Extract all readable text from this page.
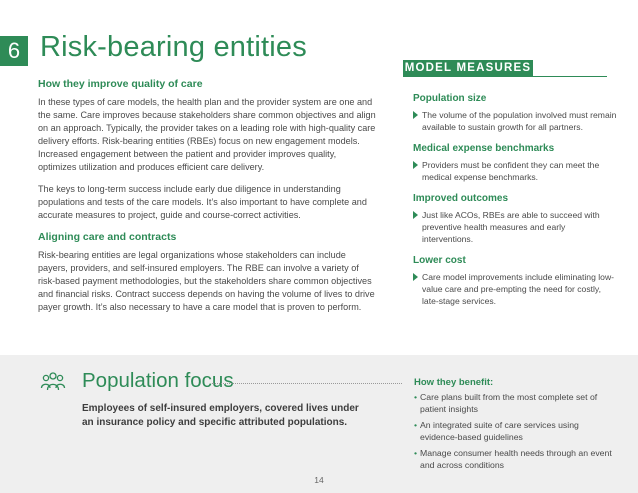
6 Risk-bearing entities
How they improve quality of care

In these types of care models, the health plan and the provider system are one and the same. Care improves because stakeholders share common objectives and align on an approach. Typically, the provider takes on a leading role with high-quality care delivery efforts. Risk-bearing entities (RBEs) focus on new engagement models. Increased engagement between the patient and provider improves quality, optimizes utilization and produces efficient care delivery.

The keys to long-term success include early due diligence in understanding populations and tests of the care models. It’s also important to have complete and accurate measures to project, guide and course-correct activities.

Aligning care and contracts

Risk-bearing entities are legal organizations whose stakeholders can include payers, providers, and self-insured employers. The RBE can involve a variety of risk-based payment methodologies, but the stakeholders share common objectives and financial risks. Contract success depends on having the volume of lives to drive payer growth. It’s also necessary to have a care model that is proven to perform.

MODEL MEASURES
Population size
The volume of the population involved must remain available to sustain growth for all partners.
Medical expense benchmarks
Providers must be confident they can meet the medical expense benchmarks.
Improved outcomes
Just like ACOs, RBEs are able to succeed with preventive health measures and early interventions.
Lower cost
Care model improvements include eliminating low-value care and pre-empting the need for costly, late-stage services.
Population focus
Employees of self-insured employers, covered lives under an insurance policy and specific attributed populations.
How they benefit:
• Care plans built from the most complete set of patient insights
• An integrated suite of care services using evidence-based guidelines
• Manage consumer health needs through an event and across conditions
14
